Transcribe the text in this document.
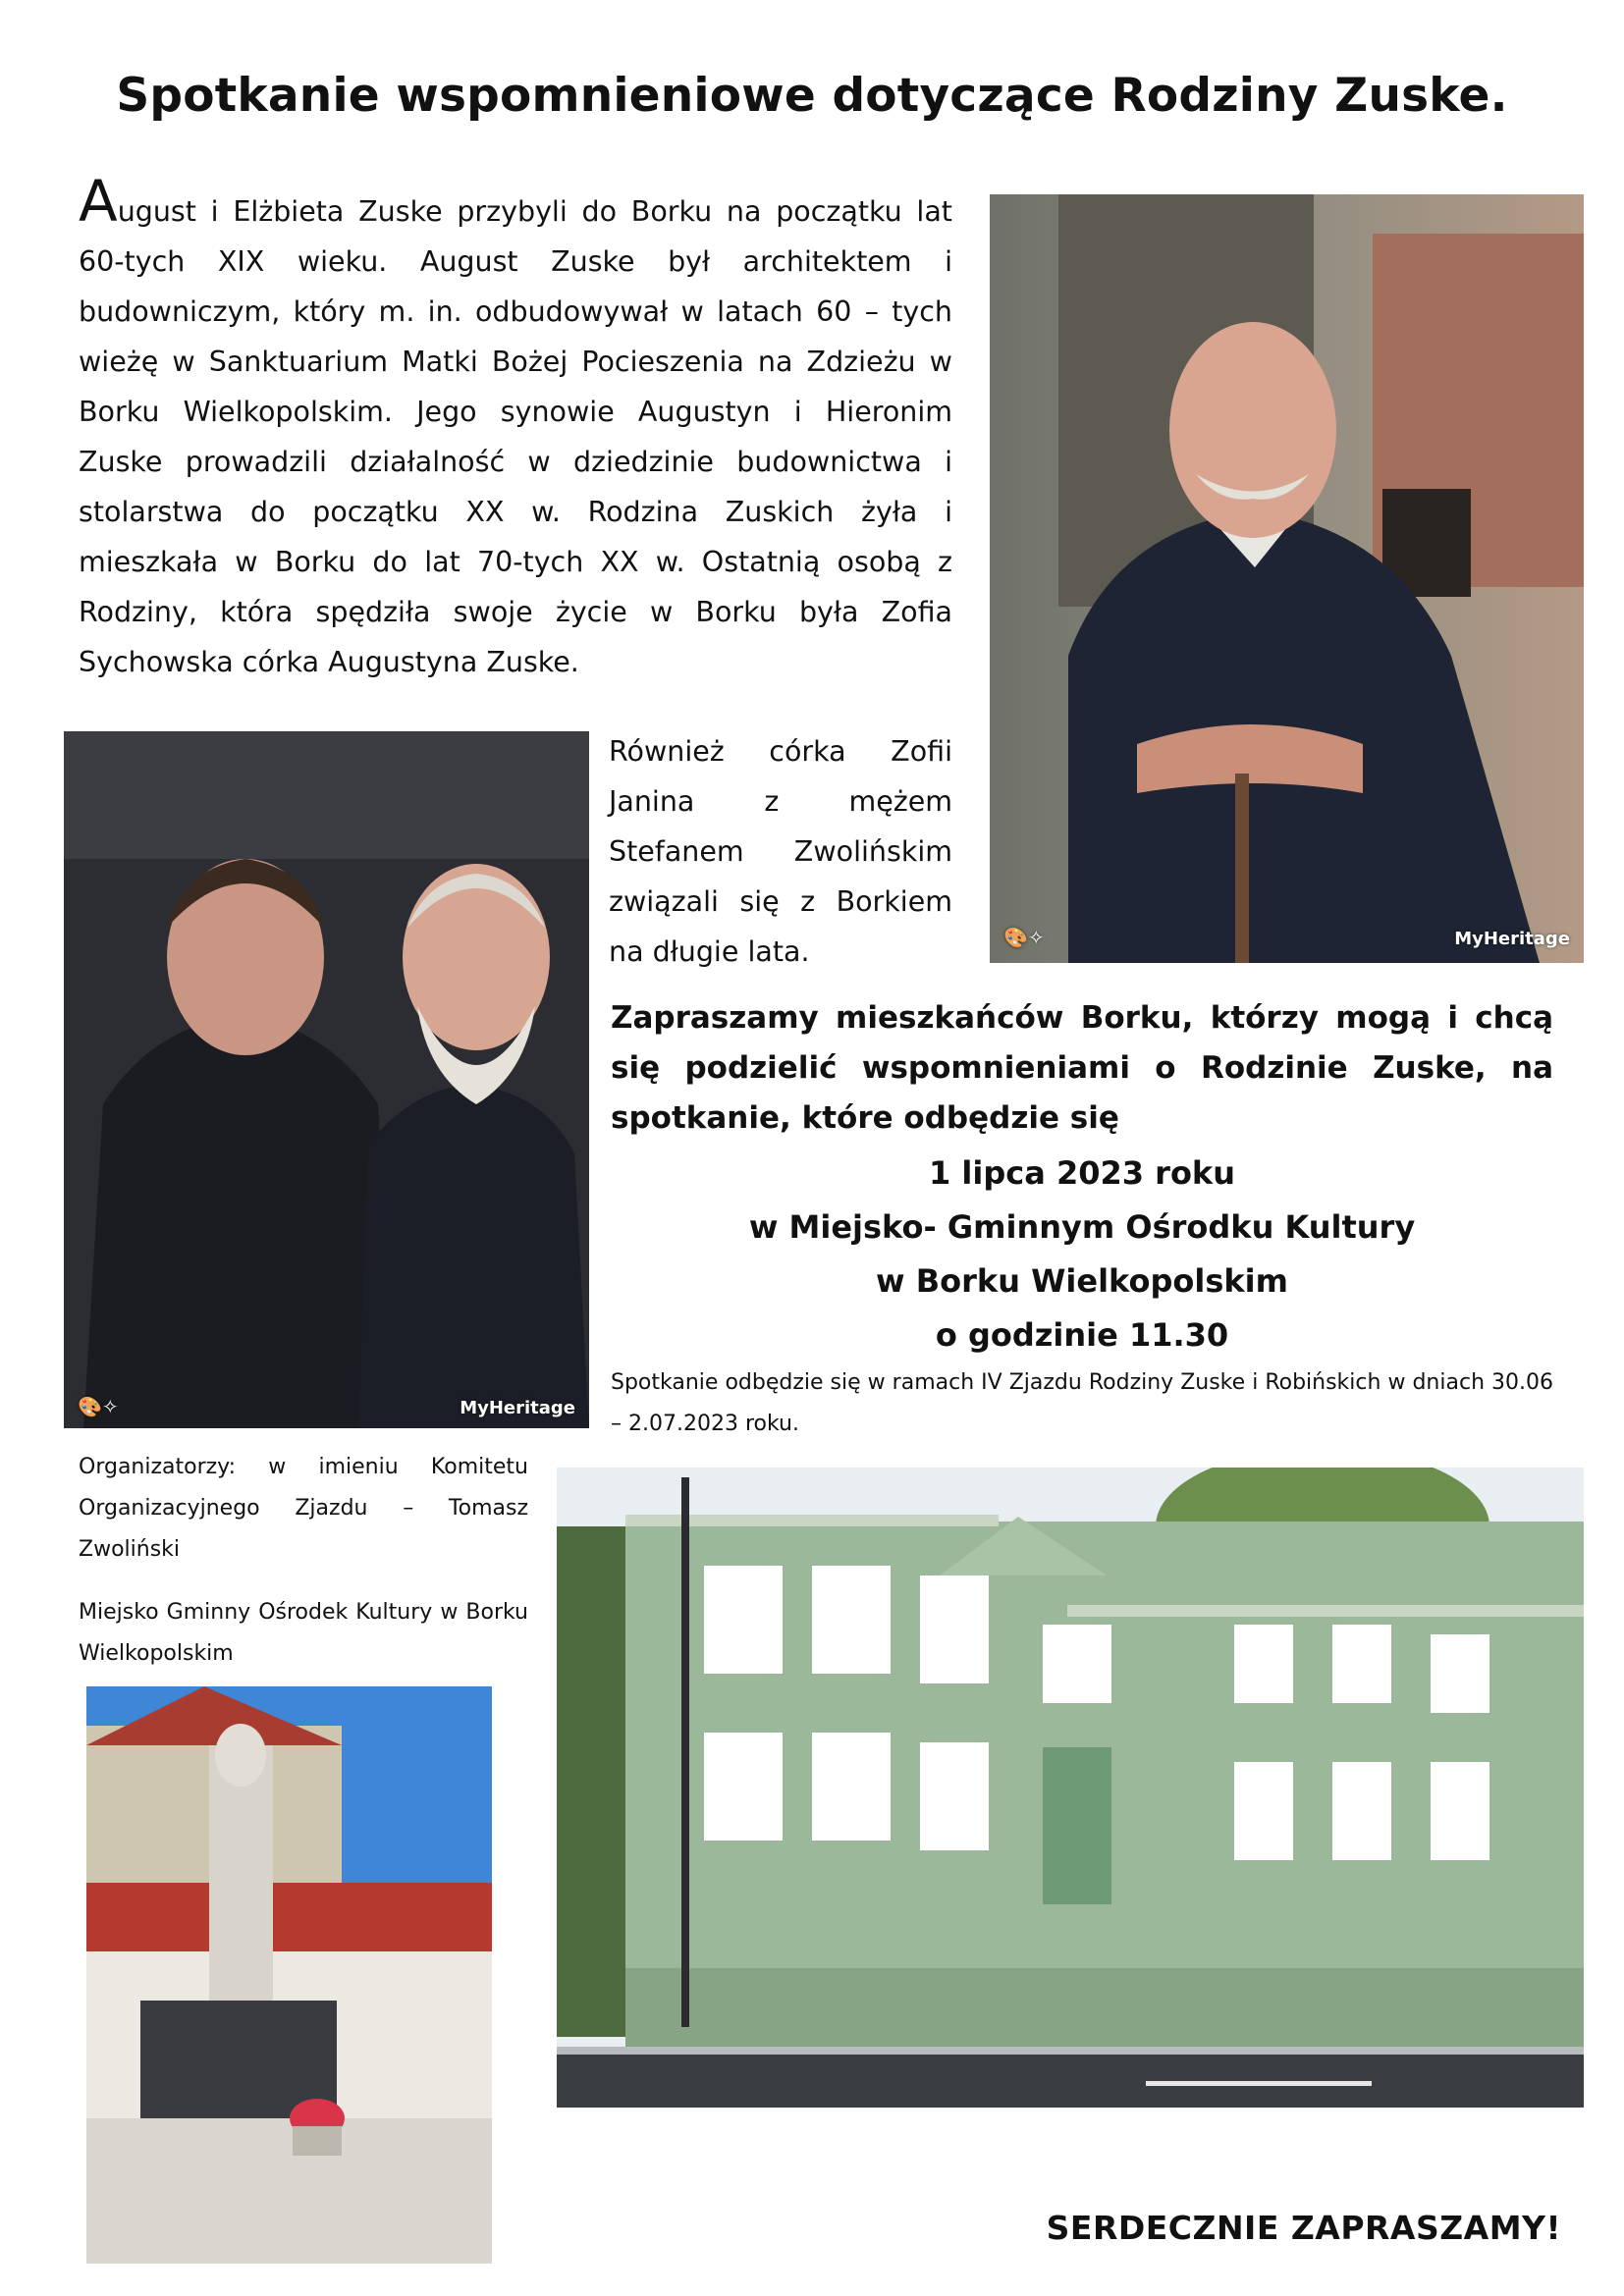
Spotkanie wspomnieniowe dotyczące Rodziny Zuske.
August i Elżbieta Zuske przybyli do Borku na początku lat 60-tych XIX wieku. August Zuske był architektem i budowniczym, który m. in. odbudowywał w latach 60 – tych wieżę w Sanktuarium Matki Bożej Pocieszenia na Zdzieżu w Borku Wielkopolskim. Jego synowie Augustyn i Hieronim Zuske prowadzili działalność w dziedzinie budownictwa i stolarstwa do początku XX w. Rodzina Zuskich żyła i mieszkała w Borku do lat 70-tych XX w. Ostatnią osobą z Rodziny, która spędziła swoje życie w Borku była Zofia Sychowska córka Augustyna Zuske.
Również córka Zofii Janina z mężem Stefanem Zwolińskim związali się z Borkiem na długie lata.	🎨✧	MyHeritage
🎨✧	MyHeritage
Zapraszamy mieszkańców Borku, którzy mogą i chcą się podzielić wspomnieniami o Rodzinie Zuske, na spotkanie, które odbędzie się
1 lipca 2023 roku
w Miejsko- Gminnym Ośrodku Kultury
w Borku Wielkopolskim
o godzinie 11.30
Spotkanie odbędzie się w ramach IV Zjazdu Rodziny Zuske i Robińskich w dniach 30.06 – 2.07.2023 roku.

Organizatorzy: w imieniu Komitetu Organizacyjnego Zjazdu – Tomasz Zwoliński

Miejsko Gminny Ośrodek Kultury w Borku Wielkopolskim

SERDECZNIE ZAPRASZAMY!
